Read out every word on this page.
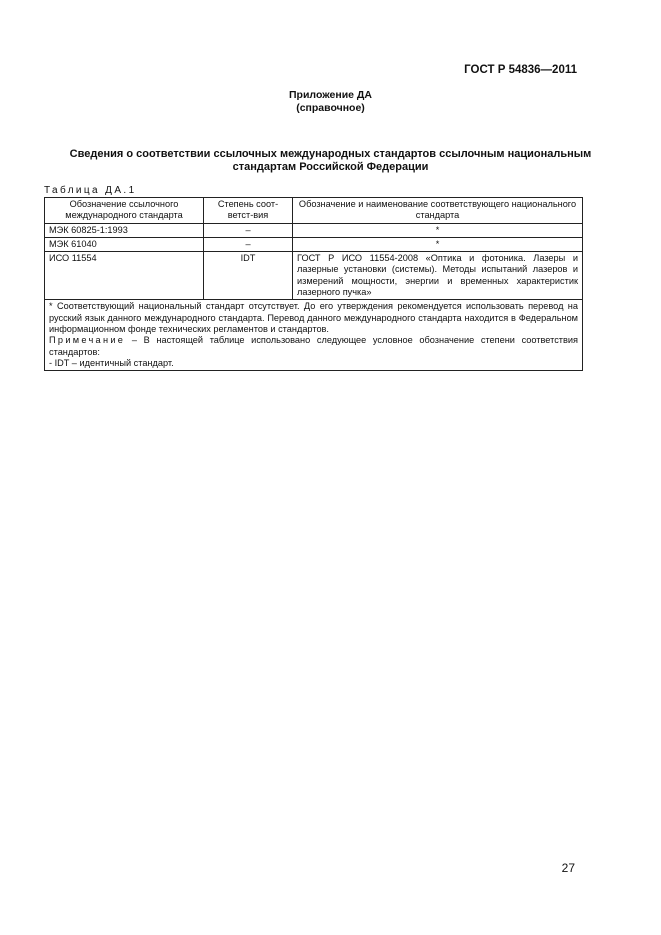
ГОСТ Р 54836—2011
Приложение ДА
(справочное)
Сведения о соответствии ссылочных международных стандартов ссылочным национальным стандартам Российской Федерации
Таблица ДА.1
Обозначение ссылочного международного стандарта	Степень соот-ветст-вия	Обозначение и наименование соответствующего национального стандарта
МЭК 60825-1:1993	–	*
МЭК 61040	–	*
ИСО 11554	IDT	ГОСТ Р ИСО 11554-2008 «Оптика и фотоника. Лазеры и лазерные установки (системы). Методы испытаний лазеров и измерений мощности, энергии и временных характеристик лазерного пучка»

* Соответствующий национальный стандарт отсутствует. До его утверждения рекомендуется использовать перевод на русский язык данного международного стандарта. Перевод данного международного стандарта находится в Федеральном информационном фонде технических регламентов и стандартов.
Примечание – В настоящей таблице использовано следующее условное обозначение степени соответствия стандартов:
- IDT – идентичный стандарт.		
27
